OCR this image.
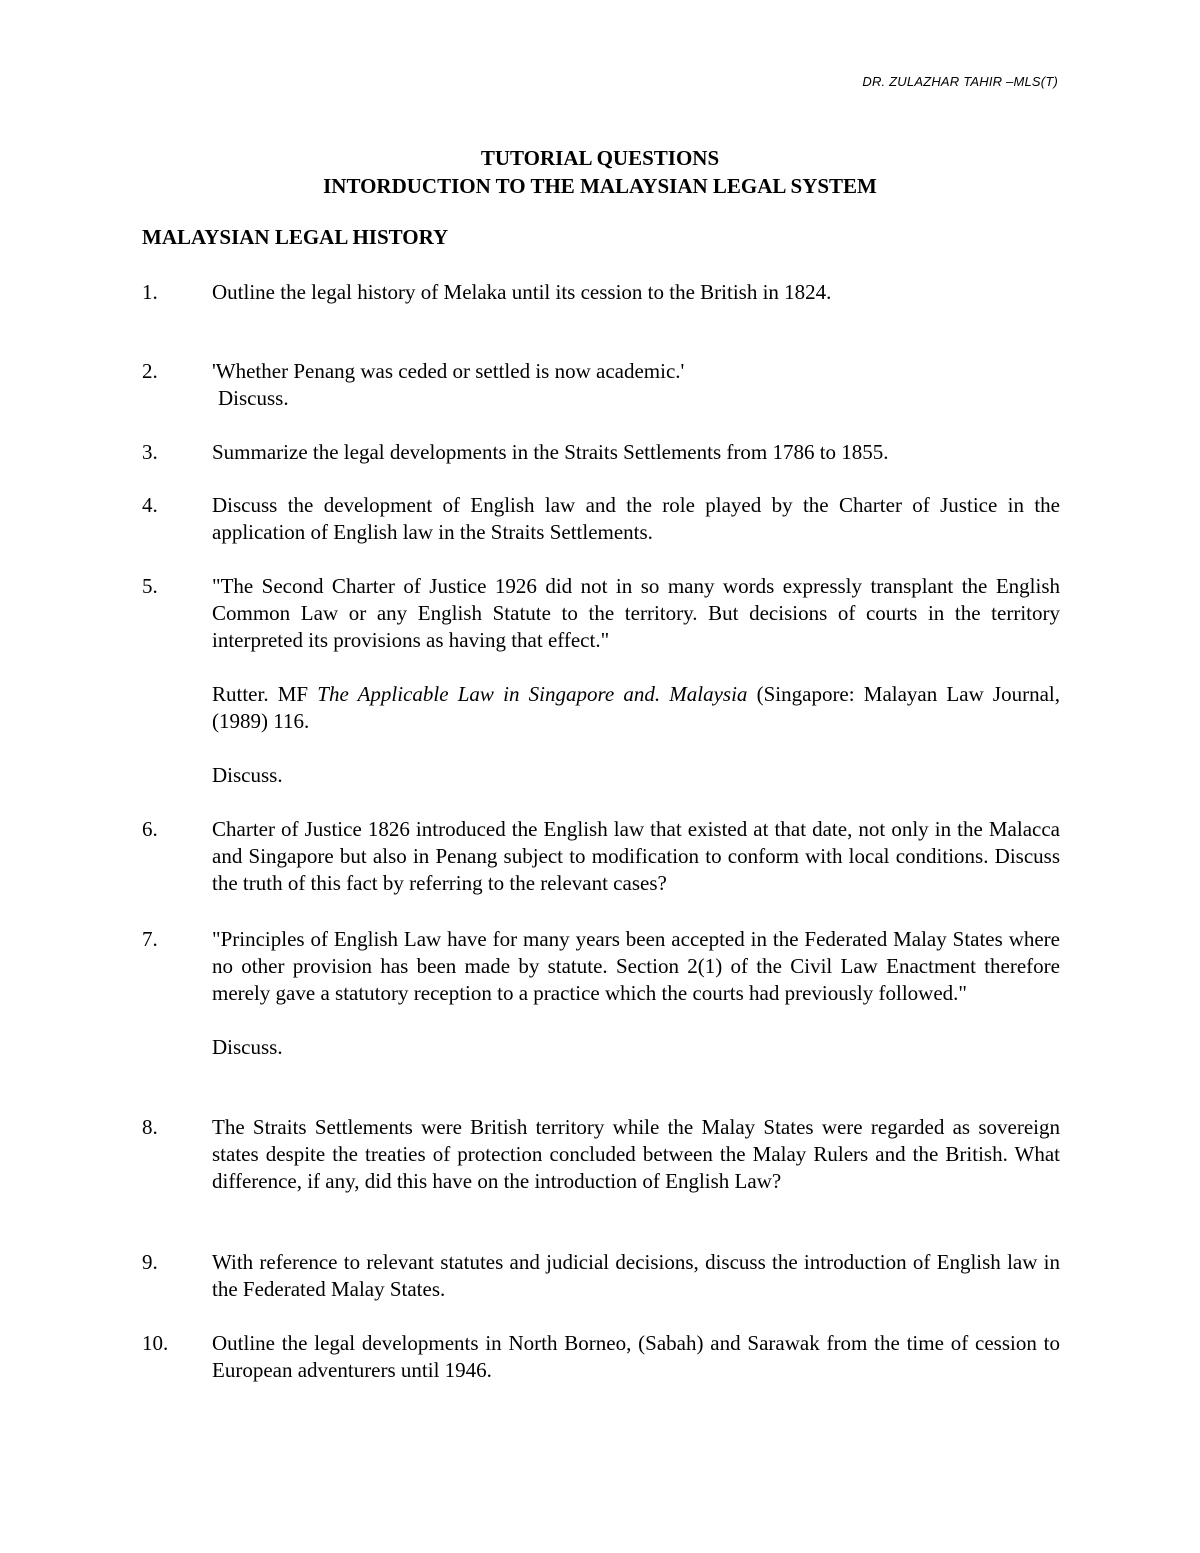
DR. ZULAZHAR TAHIR –MLS(T)
TUTORIAL QUESTIONS
INTORDUCTION TO THE MALAYSIAN LEGAL SYSTEM
MALAYSIAN LEGAL HISTORY
1.	Outline the legal history of Melaka until its cession to the British in 1824.

2.	'Whether Penang was ceded or settled is now academic.'

Discuss.

3.	Summarize the legal developments in the Straits Settlements from 1786 to 1855.

4.	Discuss the development of English law and the role played by the Charter of Justice in the application of English law in the Straits Settlements.

5.	"The Second Charter of Justice 1926 did not in so many words expressly transplant the English Common Law or any English Statute to the territory. But decisions of courts in the territory interpreted its provisions as having that effect."

Rutter. MF The Applicable Law in Singapore and. Malaysia (Singapore: Malayan Law Journal, (1989) 116.

Discuss.

6.	Charter of Justice 1826 introduced the English law that existed at that date, not only in the Malacca and Singapore but also in Penang subject to modification to conform with local conditions. Discuss the truth of this fact by referring to the relevant cases?

7.	"Principles of English Law have for many years been accepted in the Federated Malay States where no other provision has been made by statute. Section 2(1) of the Civil Law Enactment therefore merely gave a statutory reception to a practice which the courts had previously followed."

Discuss.

8.	The Straits Settlements were British territory while the Malay States were regarded as sovereign states despite the treaties of protection concluded between the Malay Rulers and the British. What difference, if any, did this have on the introduction of English Law?

9.	With reference to relevant statutes and judicial decisions, discuss the introduction of English law in the Federated Malay States.

10.	Outline the legal developments in North Borneo, (Sabah) and Sarawak from the time of cession to European adventurers until 1946.
